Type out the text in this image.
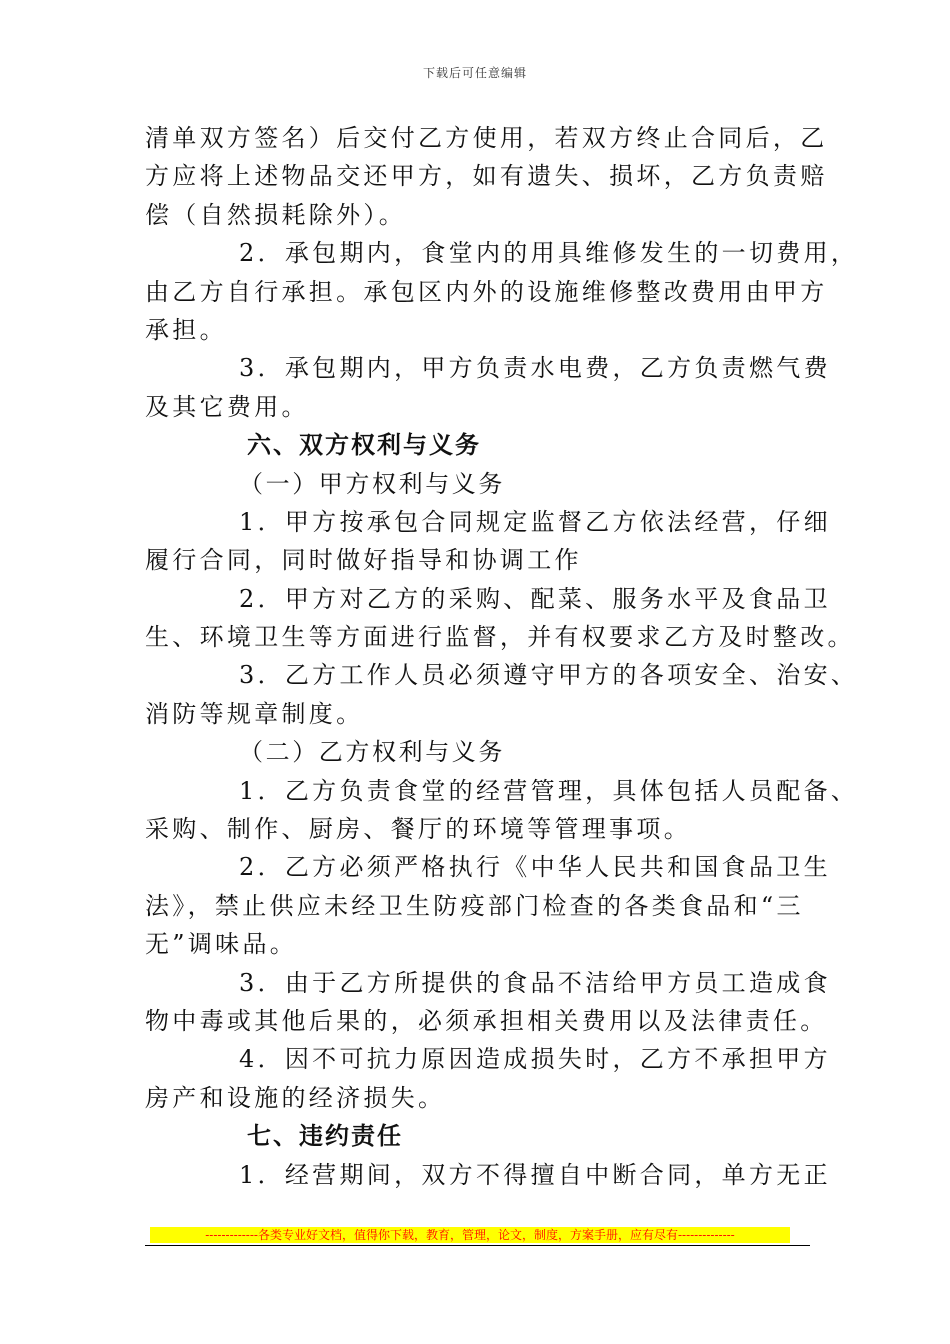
下载后可任意编辑
清单双方签名）后交付乙方使用，若双方终止合同后，乙
方应将上述物品交还甲方，如有遗失、损坏，乙方负责赔
偿（自然损耗除外）。
2．承包期内，食堂内的用具维修发生的一切费用，
由乙方自行承担。承包区内外的设施维修整改费用由甲方
承担。
3．承包期内，甲方负责水电费，乙方负责燃气费
及其它费用。
六、双方权利与义务
（一）甲方权利与义务
1．甲方按承包合同规定监督乙方依法经营，仔细
履行合同，同时做好指导和协调工作
2．甲方对乙方的采购、配菜、服务水平及食品卫
生、环境卫生等方面进行监督，并有权要求乙方及时整改。
3．乙方工作人员必须遵守甲方的各项安全、治安、
消防等规章制度。
（二）乙方权利与义务
1．乙方负责食堂的经营管理，具体包括人员配备、
采购、制作、厨房、餐厅的环境等管理事项。
2．乙方必须严格执行《中华人民共和国食品卫生
法》，禁止供应未经卫生防疫部门检查的各类食品和“三
无”调味品。
3．由于乙方所提供的食品不洁给甲方员工造成食
物中毒或其他后果的，必须承担相关费用以及法律责任。
4．因不可抗力原因造成损失时，乙方不承担甲方
房产和设施的经济损失。
七、违约责任
1．经营期间，双方不得擅自中断合同，单方无正
-------------各类专业好文档，值得你下载，教育，管理，论文，制度，方案手册，应有尽有--------------
